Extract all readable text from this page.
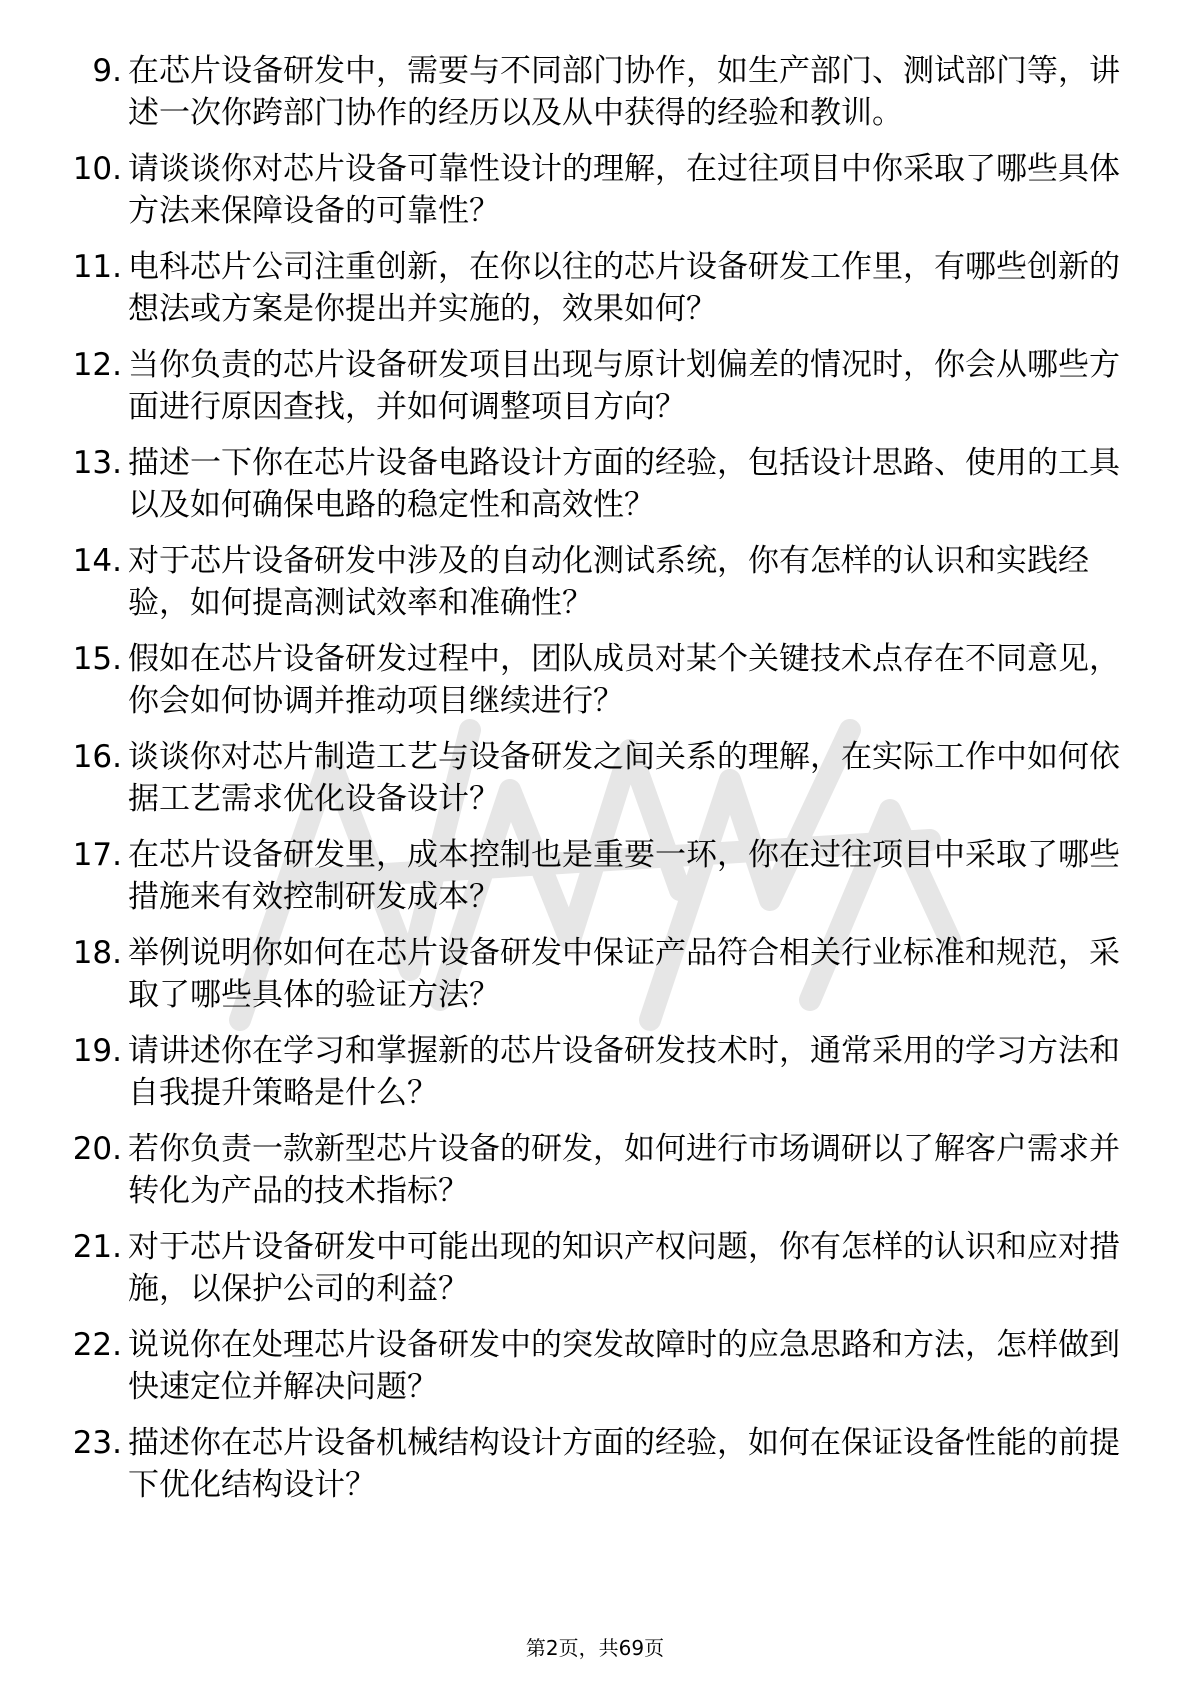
9. 在芯片设备研发中，需要与不同部门协作，如生产部门、测试部门等，讲述一次你跨部门协作的经历以及从中获得的经验和教训。
10. 请谈谈你对芯片设备可靠性设计的理解，在过往项目中你采取了哪些具体方法来保障设备的可靠性？
11. 电科芯片公司注重创新，在你以往的芯片设备研发工作里，有哪些创新的想法或方案是你提出并实施的，效果如何？
12. 当你负责的芯片设备研发项目出现与原计划偏差的情况时，你会从哪些方面进行原因查找，并如何调整项目方向？
13. 描述一下你在芯片设备电路设计方面的经验，包括设计思路、使用的工具以及如何确保电路的稳定性和高效性？
14. 对于芯片设备研发中涉及的自动化测试系统，你有怎样的认识和实践经验，如何提高测试效率和准确性？
15. 假如在芯片设备研发过程中，团队成员对某个关键技术点存在不同意见，你会如何协调并推动项目继续进行？
16. 谈谈你对芯片制造工艺与设备研发之间关系的理解，在实际工作中如何依据工艺需求优化设备设计？
17. 在芯片设备研发里，成本控制也是重要一环，你在过往项目中采取了哪些措施来有效控制研发成本？
18. 举例说明你如何在芯片设备研发中保证产品符合相关行业标准和规范，采取了哪些具体的验证方法？
19. 请讲述你在学习和掌握新的芯片设备研发技术时，通常采用的学习方法和自我提升策略是什么？
20. 若你负责一款新型芯片设备的研发，如何进行市场调研以了解客户需求并转化为产品的技术指标？
21. 对于芯片设备研发中可能出现的知识产权问题，你有怎样的认识和应对措施，以保护公司的利益？
22. 说说你在处理芯片设备研发中的突发故障时的应急思路和方法，怎样做到快速定位并解决问题？
23. 描述你在芯片设备机械结构设计方面的经验，如何在保证设备性能的前提下优化结构设计？
第2页，共69页
